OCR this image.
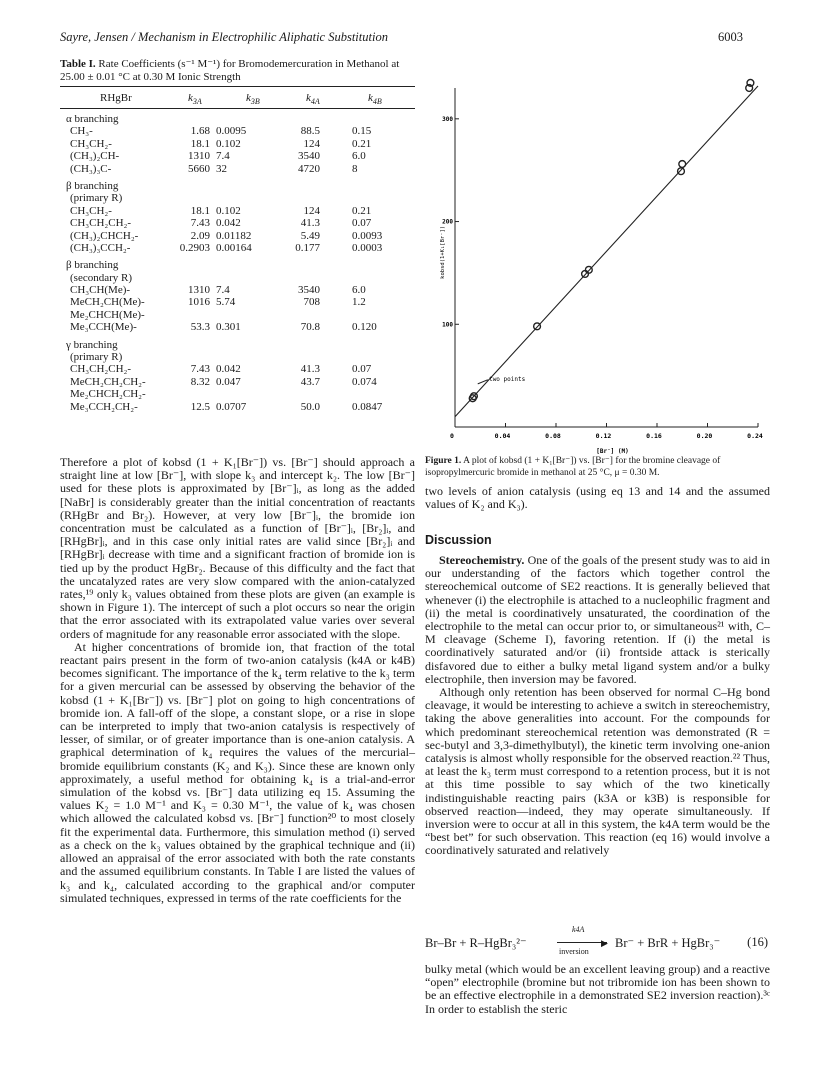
Sayre, Jensen / Mechanism in Electrophilic Aliphatic Substitution	6003
Table I. Rate Coefficients (s⁻¹ M⁻¹) for Bromodemercuration in Methanol at 25.00 ± 0.01 °C at 0.30 M Ionic Strength
RHgBr	$k_{3A}$	$k_{3B}$	$k_{4A}$	$k_{4B}$
α branching
CH₃-	1.68 0.0095	88.5	0.15
CH₃CH₂-	18.1 0.102	124	0.21
(CH₃)₂CH-	1310 7.4	3540	6.0
(CH₃)₃C-	5660 32	4720	8
β branching
(primary R)
CH₃CH₂-	18.1 0.102	124	0.21
CH₃CH₂CH₂-	7.43 0.042	41.3	0.07
(CH₃)₂CHCH₂-	2.09 0.01182	5.49	0.0093
(CH₃)₃CCH₂-	0.2903 0.00164	0.177	0.0003
β branching
(secondary R)
CH₃CH(Me)-	1310 7.4	3540	6.0
MeCH₂CH(Me)-	1016 5.74	708	1.2
Me₂CHCH(Me)-
Me₃CCH(Me)-	53.3 0.301	70.8	0.120
γ branching
(primary R)
CH₃CH₂CH₂-	7.43 0.042	41.3	0.07
MeCH₂CH₂CH₂-	8.32 0.047	43.7	0.074
Me₂CHCH₂CH₂-
Me₃CCH₂CH₂-	12.5 0.0707	50.0	0.0847
0	0.04	0.08	0.12	0.16	0.20	0.24
100
200
300
kobsd(1+K₁[Br⁻])
[Br⁻] (M)
two points
Figure 1. A plot of kobsd (1 + K₁[Br⁻]) vs. [Br⁻] for the bromine cleavage of isopropylmercuric bromide in methanol at 25 °C, μ = 0.30 M.

Therefore a plot of kobsd (1 + K₁[Br⁻]) vs. [Br⁻] should approach a straight line at low [Br⁻], with slope k₃ and intercept k₂. The low [Br⁻] used for these plots is approximated by [Br⁻]ᵢ, as long as the added [NaBr] is considerably greater than the initial concentration of reactants (RHgBr and Br₂). However, at very low [Br⁻]ᵢ, the bromide ion concentration must be calculated as a function of [Br⁻]ᵢ, [Br₂]ᵢ, and [RHgBr]ᵢ, and in this case only initial rates are valid since [Br₂]ᵢ and [RHgBr]ᵢ decrease with time and a significant fraction of bromide ion is tied up by the product HgBr₂. Because of this difficulty and the fact that the uncatalyzed rates are very slow compared with the anion-catalyzed rates,¹⁹ only k₃ values obtained from these plots are given (an example is shown in Figure 1). The intercept of such a plot occurs so near the origin that the error associated with its extrapolated value varies over several orders of magnitude for any reasonable error associated with the slope.

At higher concentrations of bromide ion, that fraction of the total reactant pairs present in the form of two-anion catalysis (k4A or k4B) becomes significant. The importance of the k₄ term relative to the k₃ term for a given mercurial can be assessed by observing the behavior of the kobsd (1 + K₁[Br⁻]) vs. [Br⁻] plot on going to high concentrations of bromide ion. A fall-off of the slope, a constant slope, or a rise in slope can be interpreted to imply that two-anion catalysis is respectively of lesser, of similar, or of greater importance than is one-anion catalysis. A graphical determination of k₄ requires the values of the mercurial–bromide equilibrium constants (K₂ and K₃). Since these are known only approximately, a useful method for obtaining k₄ is a trial-and-error simulation of the kobsd vs. [Br⁻] data utilizing eq 15. Assuming the values K₂ = 1.0 M⁻¹ and K₃ = 0.30 M⁻¹, the value of k₄ was chosen which allowed the calculated kobsd vs. [Br⁻] function²⁰ to most closely fit the experimental data. Furthermore, this simulation method (i) served as a check on the k₃ values obtained by the graphical technique and (ii) allowed an appraisal of the error associated with both the rate constants and the assumed equilibrium constants. In Table I are listed the values of k₃ and k₄, calculated according to the graphical and/or computer simulated techniques, expressed in terms of the rate coefficients for the

two levels of anion catalysis (using eq 13 and 14 and the assumed values of K₂ and K₃).

Discussion

Stereochemistry. One of the goals of the present study was to aid in our understanding of the factors which together control the stereochemical outcome of SE2 reactions. It is generally believed that whenever (i) the electrophile is attached to a nucleophilic fragment and (ii) the metal is coordinatively unsaturated, the coordination of the electrophile to the metal can occur prior to, or simultaneous²¹ with, C–M cleavage (Scheme I), favoring retention. If (i) the metal is coordinatively saturated and/or (ii) frontside attack is sterically disfavored due to either a bulky metal ligand system and/or a bulky electrophile, then inversion may be favored.

Although only retention has been observed for normal C–Hg bond cleavage, it would be interesting to achieve a switch in stereochemistry, taking the above generalities into account. For the compounds for which predominant stereochemical retention was demonstrated (R = sec-butyl and 3,3-dimethylbutyl), the kinetic term involving one-anion catalysis is almost wholly responsible for the observed reaction.²² Thus, at least the k₃ term must correspond to a retention process, but it is not at this time possible to say which of the two kinetically indistinguishable reacting pairs (k3A or k3B) is responsible for observed reaction—indeed, they may operate simultaneously. If inversion were to occur at all in this system, the k4A term would be the “best bet” for such observation. This reaction (eq 16) would involve a coordinatively saturated and relatively

Br–Br + R–HgBr₃²⁻
k4A
▶
inversion
Br⁻ + BrR + HgBr₃⁻ (16)

bulky metal (which would be an excellent leaving group) and a reactive “open” electrophile (bromine but not tribromide ion has been shown to be an effective electrophile in a demonstrated SE2 inversion reaction).³ᶜ In order to establish the steric
